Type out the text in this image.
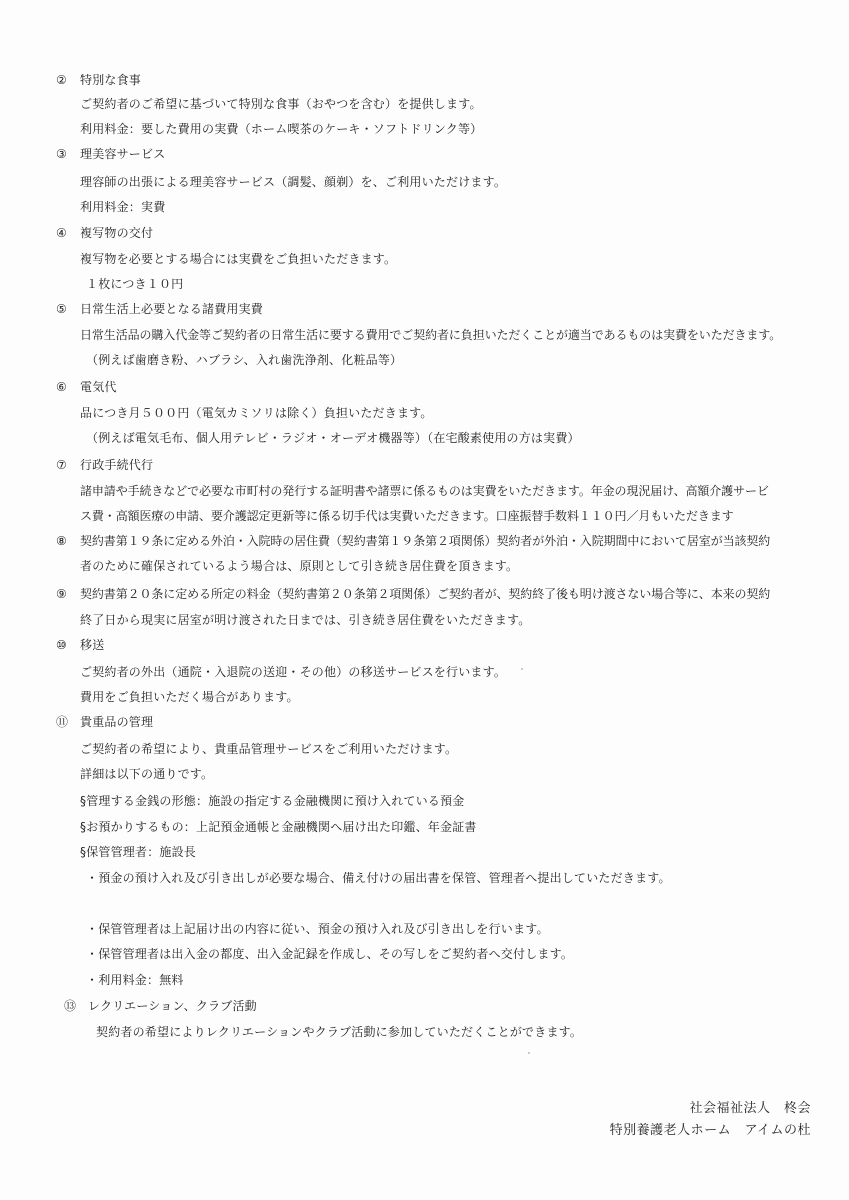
②	特別な食事
ご契約者のご希望に基づいて特別な食事（おやつを含む）を提供します。
利用料金：要した費用の実費（ホーム喫茶のケーキ・ソフトドリンク等）
③	理美容サービス
理容師の出張による理美容サービス（調髪、顔剃）を、ご利用いただけます。
利用料金：実費
④	複写物の交付
複写物を必要とする場合には実費をご負担いただきます。
１枚につき１０円
⑤	日常生活上必要となる諸費用実費
日常生活品の購入代金等ご契約者の日常生活に要する費用でご契約者に負担いただくことが適当であるものは実費をいただきます。
（例えば歯磨き粉、ハブラシ、入れ歯洗浄剤、化粧品等）
⑥	電気代
品につき月５００円（電気カミソリは除く）負担いただきます。
（例えば電気毛布、個人用テレビ・ラジオ・オーデオ機器等）（在宅酸素使用の方は実費）
⑦	行政手続代行
諸申請や手続きなどで必要な市町村の発行する証明書や諸票に係るものは実費をいただきます。年金の現況届け、高額介護サービ
ス費・高額医療の申請、要介護認定更新等に係る切手代は実費いただきます。口座振替手数料１１０円／月もいただきます
⑧	契約書第１９条に定める外泊・入院時の居住費（契約書第１９条第２項関係）契約者が外泊・入院期間中において居室が当該契約
者のために確保されているよう場合は、原則として引き続き居住費を頂きます。
⑨	契約書第２０条に定める所定の料金（契約書第２０条第２項関係）ご契約者が、契約終了後も明け渡さない場合等に、本来の契約
終了日から現実に居室が明け渡された日までは、引き続き居住費をいただきます。
⑩	移送
ご契約者の外出（通院・入退院の送迎・その他）の移送サービスを行います。
費用をご負担いただく場合があります。
⑪ 貴重品の管理
ご契約者の希望により、貴重品管理サービスをご利用いただけます。
詳細は以下の通りです。
§管理する金銭の形態：施設の指定する金融機関に預け入れている預金
§お預かりするもの：上記預金通帳と金融機関へ届け出た印鑑、年金証書
§保管管理者：施設長
・預金の預け入れ及び引き出しが必要な場合、備え付けの届出書を保管、管理者へ提出していただきます。
・保管管理者は上記届け出の内容に従い、預金の預け入れ及び引き出しを行います。
・保管管理者は出入金の都度、出入金記録を作成し、その写しをご契約者へ交付します。
・利用料金：無料
⑬ レクリエーション、クラブ活動
契約者の希望によりレクリエーションやクラブ活動に参加していただくことができます。
社会福祉法人　柊会
特別養護老人ホーム　アイムの杜
